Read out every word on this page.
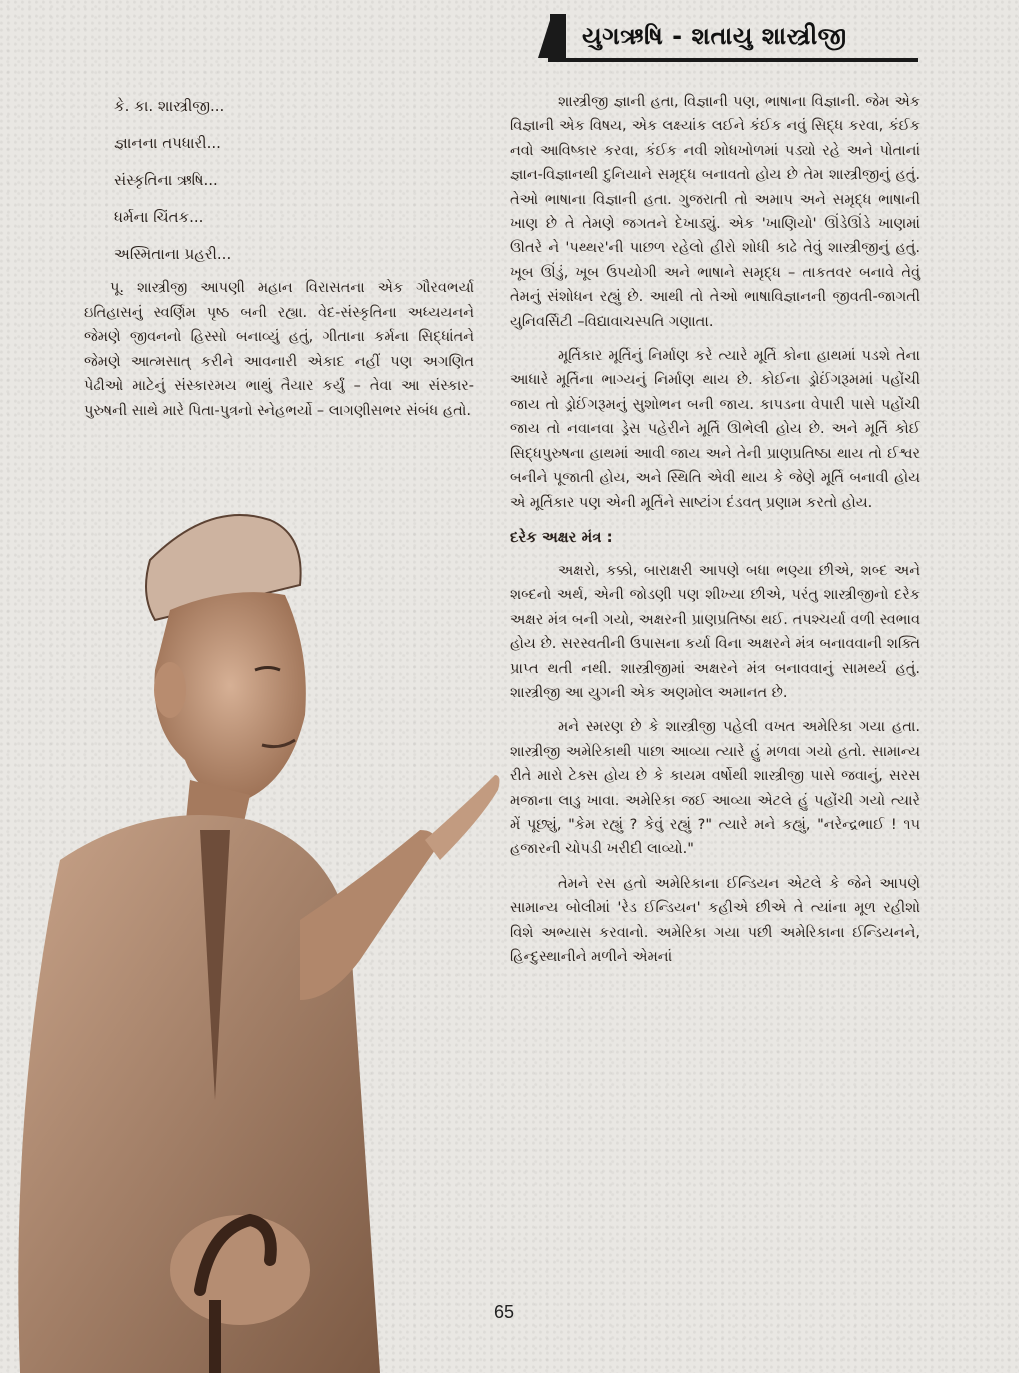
યુગઋષિ - શતાયુ શાસ્ત્રીજી
કે. કા. શાસ્ત્રીજી...
જ્ઞાનના તપધારી...
સંસ્કૃતિના ઋષિ...
ધર્મના ચિંતક...
અસ્મિતાના પ્રહરી...

પૂ. શાસ્ત્રીજી આપણી મહાન વિરાસતના એક ગૌરવભર્યા ઇતિહાસનું સ્વર્ણિમ પૃષ્ઠ બની રહ્યા. વેદ-સંસ્કૃતિના અધ્યયનને જેમણે જીવનનો હિસ્સો બનાવ્યું હતું, ગીતાના કર્મના સિદ્ધાંતને જેમણે આત્મસાત્ કરીને આવનારી એકાદ નહીં પણ અગણિત પેઢીઓ માટેનું સંસ્કારમય ભાથું તૈયાર કર્યું – તેવા આ સંસ્કાર-પુરુષની સાથે મારે પિતા-પુત્રનો સ્નેહભર્યો – લાગણીસભર સંબંધ હતો.

શાસ્ત્રીજી જ્ઞાની હતા, વિજ્ઞાની પણ, ભાષાના વિજ્ઞાની. જેમ એક વિજ્ઞાની એક વિષય, એક લક્ષ્યાંક લઈને કંઈક નવું સિદ્ધ કરવા, કંઈક નવો આવિષ્કાર કરવા, કંઈક નવી શોધખોળમાં પડ્યો રહે અને પોતાનાં જ્ઞાન-વિજ્ઞાનથી દુનિયાને સમૃદ્ધ બનાવતો હોય છે તેમ શાસ્ત્રીજીનું હતું. તેઓ ભાષાના વિજ્ઞાની હતા. ગુજરાતી તો અમાપ અને સમૃદ્ધ ભાષાની ખાણ છે તે તેમણે જગતને દેખાડ્યું. એક 'ખાણિયો' ઊંડેઊંડે ખાણમાં ઊતરે ને 'પથ્થર'ની પાછળ રહેલો હીરો શોધી કાઢે તેવું શાસ્ત્રીજીનું હતું. ખૂબ ઊંડું, ખૂબ ઉપયોગી અને ભાષાને સમૃદ્ધ – તાકતવર બનાવે તેવું તેમનું સંશોધન રહ્યું છે. આથી તો તેઓ ભાષાવિજ્ઞાનની જીવતી-જાગતી યુનિવર્સિટી –વિદ્યાવાચસ્પતિ ગણાતા.

મૂર્તિકાર મૂર્તિનું નિર્માણ કરે ત્યારે મૂર્તિ કોના હાથમાં પડશે તેના આધારે મૂર્તિના ભાગ્યનું નિર્માણ થાય છે. કોઈના ડ્રોઈંગરૂમમાં પહોંચી જાય તો ડ્રોઈંગરૂમનું સુશોભન બની જાય. કાપડના વેપારી પાસે પહોંચી જાય તો નવાનવા ડ્રેસ પહેરીને મૂર્તિ ઊભેલી હોય છે. અને મૂર્તિ કોઈ સિદ્ધપુરુષના હાથમાં આવી જાય અને તેની પ્રાણપ્રતિષ્ઠા થાય તો ઈશ્વર બનીને પૂજાતી હોય, અને સ્થિતિ એવી થાય કે જેણે મૂર્તિ બનાવી હોય એ મૂર્તિકાર પણ એની મૂર્તિને સાષ્ટાંગ દંડવત્ પ્રણામ કરતો હોય.

દરેક અક્ષર મંત્ર :

અક્ષરો, કક્કો, બારાક્ષરી આપણે બધા ભણ્યા છીએ, શબ્દ અને શબ્દનો અર્થ, એની જોડણી પણ શીખ્યા છીએ, પરંતુ શાસ્ત્રીજીનો દરેક અક્ષર મંત્ર બની ગયો, અક્ષરની પ્રાણપ્રતિષ્ઠા થઈ. તપશ્ચર્યા વળી સ્વભાવ હોય છે. સરસ્વતીની ઉપાસના કર્યા વિના અક્ષરને મંત્ર બનાવવાની શક્તિ પ્રાપ્ત થતી નથી. શાસ્ત્રીજીમાં અક્ષરને મંત્ર બનાવવાનું સામર્થ્ય હતું. શાસ્ત્રીજી આ યુગની એક અણમોલ અમાનત છે.

મને સ્મરણ છે કે શાસ્ત્રીજી પહેલી વખત અમેરિકા ગયા હતા. શાસ્ત્રીજી અમેરિકાથી પાછા આવ્યા ત્યારે હું મળવા ગયો હતો. સામાન્ય રીતે મારો ટેક્સ હોય છે કે કાયમ વર્ષોથી શાસ્ત્રીજી પાસે જવાનું, સરસ મજાના લાડુ ખાવા. અમેરિકા જઈ આવ્યા એટલે હું પહોંચી ગયો ત્યારે મેં પૂછ્યું, "કેમ રહ્યું ? કેવું રહ્યું ?" ત્યારે મને કહ્યું, "નરેન્દ્રભાઈ ! ૧૫ હજારની ચોપડી ખરીદી લાવ્યો."

તેમને રસ હતો અમેરિકાના ઈન્ડિયન એટલે કે જેને આપણે સામાન્ય બોલીમાં 'રેડ ઈન્ડિયન' કહીએ છીએ તે ત્યાંના મૂળ રહીશો વિશે અભ્યાસ કરવાનો. અમેરિકા ગયા પછી અમેરિકાના ઈન્ડિયનને, હિન્દુસ્થાનીને મળીને એમનાં

65
